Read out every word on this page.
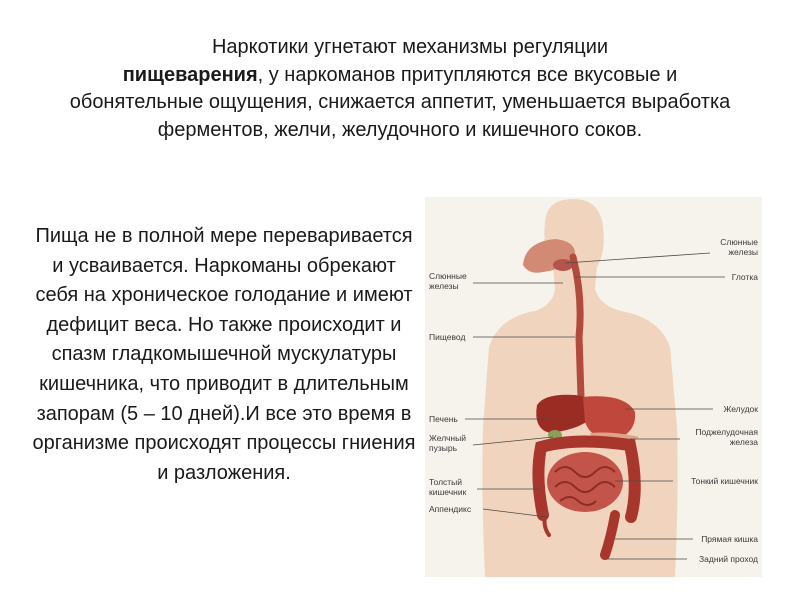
Наркотики угнетают механизмы регуляции
пищеварения, у наркоманов притупляются все вкусовые и обонятельные ощущения, снижается аппетит, уменьшается выработка ферментов, желчи, желудочного и кишечного соков.
Пища не в полной мере переваривается и усваивается. Наркоманы обрекают себя на хроническое голодание и имеют дефицит веса. Но также происходит и спазм гладкомышечной мускулатуры кишечника, что приводит в длительным запорам (5 – 10 дней).И все это время в организме происходят процессы гниения и разложения.
Слюнные
железы
Пищевод
Печень
Желчный
пузырь
Толстый
кишечник
Аппендикс
Слюнные
железы
Глотка
Желудок
Поджелудочная
железа
Тонкий кишечник
Прямая кишка
Задний проход
